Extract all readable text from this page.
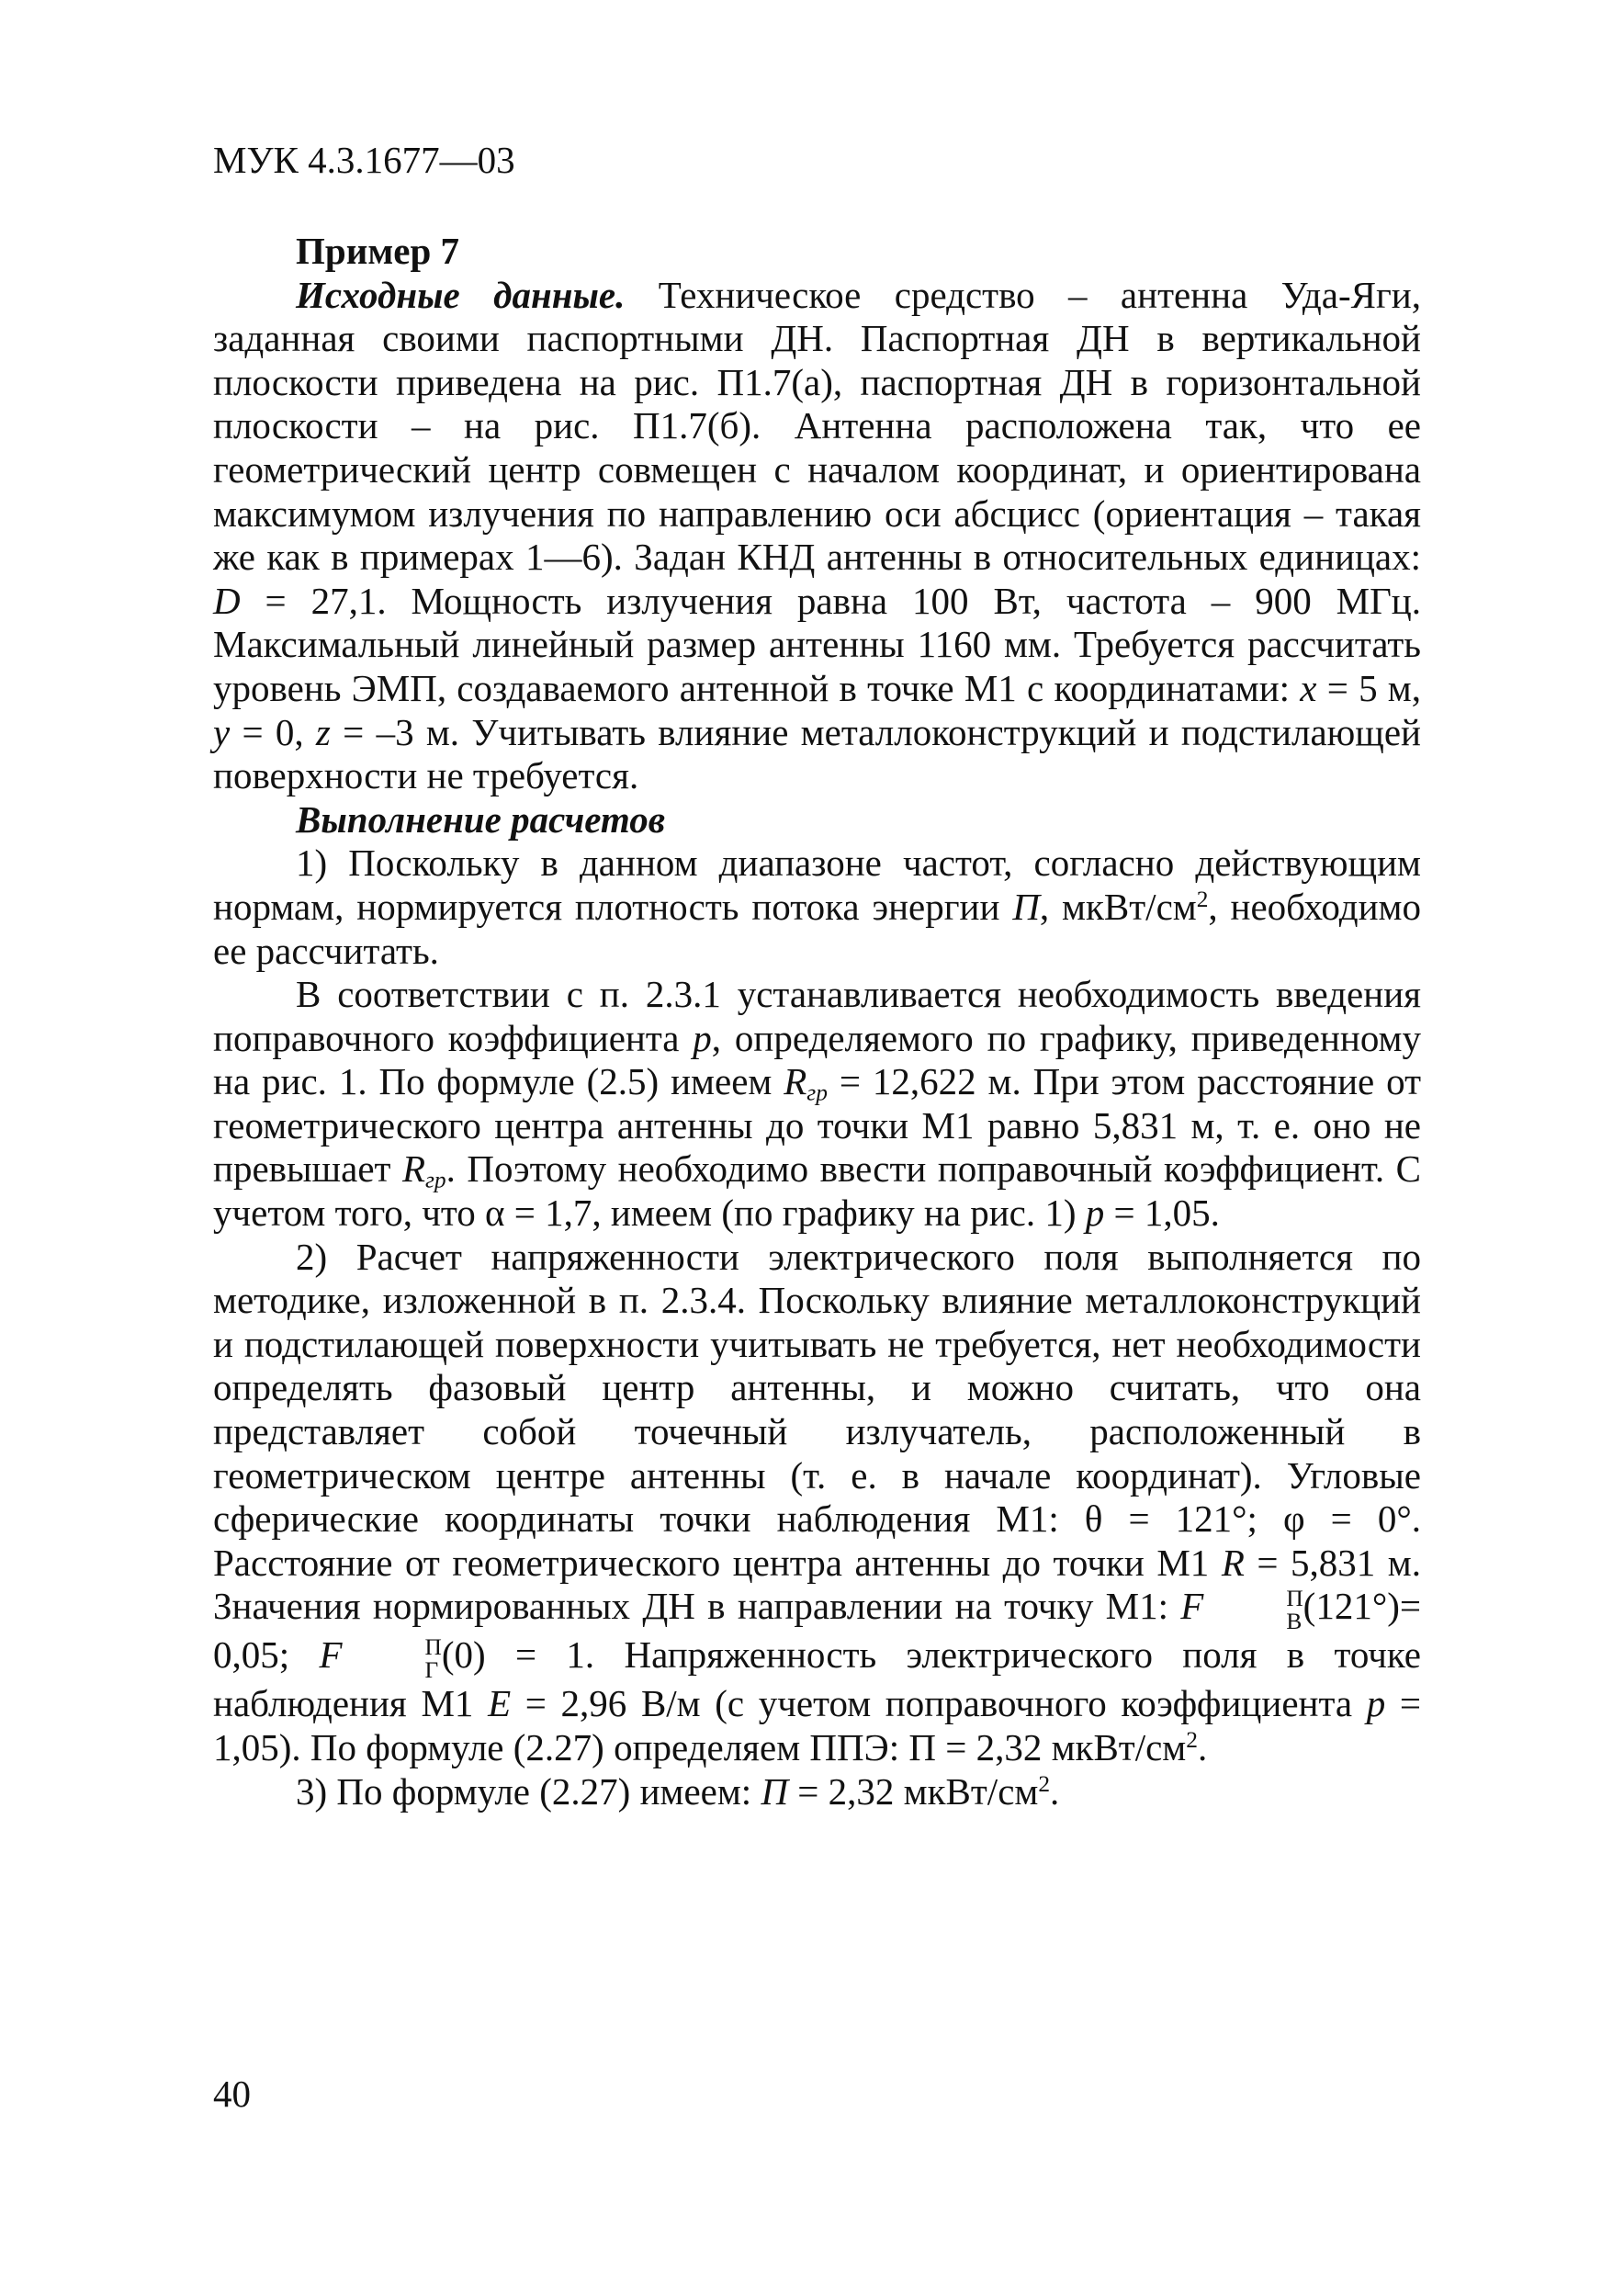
МУК 4.3.1677—03
Пример 7

Исходные данные. Техническое средство – антенна Уда-Яги, заданная своими паспортными ДН. Паспортная ДН в вертикальной плоскости приведена на рис. П1.7(а), паспортная ДН в горизонтальной плоскости – на рис. П1.7(б). Антенна расположена так, что ее геометрический центр совмещен с началом координат, и ориентирована максимумом излучения по направлению оси абсцисс (ориентация – такая же как в примерах 1—6). Задан КНД антенны в относительных единицах: D = 27,1. Мощность излучения равна 100 Вт, частота – 900 МГц. Максимальный линейный размер антенны 1160 мм. Требуется рассчитать уровень ЭМП, создаваемого антенной в точке М1 с координатами: x = 5 м, y = 0, z = –3 м. Учитывать влияние металлоконструкций и подстилающей поверхности не требуется.

Выполнение расчетов

1) Поскольку в данном диапазоне частот, согласно действующим нормам, нормируется плотность потока энергии П, мкВт/$см^2$, необходимо ее рассчитать.

В соответствии с п. 2.3.1 устанавливается необходимость введения поправочного коэффициента p, определяемого по графику, приведенному на рис. 1. По формуле (2.5) имеем $R_{гр} = 12,622$ м. При этом расстояние от геометрического центра антенны до точки М1 равно 5,831 м, т. е. оно не превышает $R_{гр}$. Поэтому необходимо ввести поправочный коэффициент. С учетом того, что α = 1,7, имеем (по графику на рис. 1) p = 1,05.

2) Расчет напряженности электрического поля выполняется по методике, изложенной в п. 2.3.4. Поскольку влияние металлоконструкций и подстилающей поверхности учитывать не требуется, нет необходимости определять фазовый центр антенны, и можно считать, что она представляет собой точечный излучатель, расположенный в геометрическом центре антенны (т. е. в начале координат). Угловые сферические координаты точки наблюдения М1: θ = 121°; φ = 0°. Расстояние от геометрического центра антенны до точки М1 R = 5,831 м. Значения нормированных ДН в направлении на точку М1: F	П
В (121°)= 0,05; F	П
Г (0) = 1. Напряженность электрического поля в точке наблюдения М1 E = 2,96 В/м (с учетом поправочного коэффициента p = 1,05). По формуле (2.27) определяем ППЭ: П = 2,32 мкВт/$см^2$.

3) По формуле (2.27) имеем: П = 2,32 мкВт/$см^2$.

40
